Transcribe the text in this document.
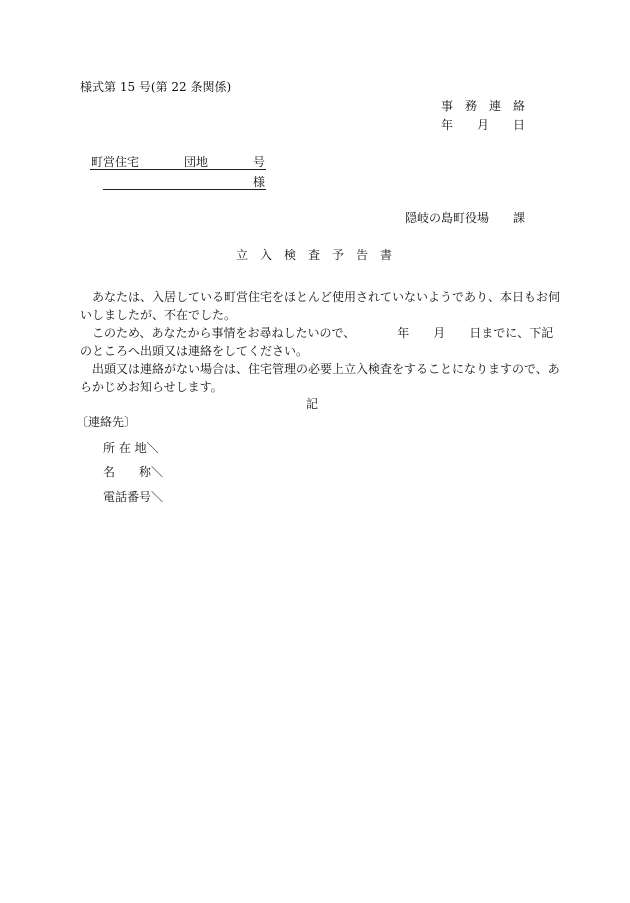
様式第 15 号(第 22 条関係)
事　務　連　絡
年　　月　　日
町営住宅	団地	号
様
隠岐の島町役場　　課
立　入　検　査　予　告　書
あなたは、入居している町営住宅をほとんど使用されていないようであり、本日もお伺
いしましたが、不在でした。
このため、あなたから事情をお尋ねしたいので、　　　　年　　月　　日までに、下記
のところへ出頭又は連絡をしてください。
出頭又は連絡がない場合は、住宅管理の必要上立入検査をすることになりますので、あ
らかじめお知らせします。
記
〔連絡先〕
所 在 地＼
名　　称＼
電話番号＼
